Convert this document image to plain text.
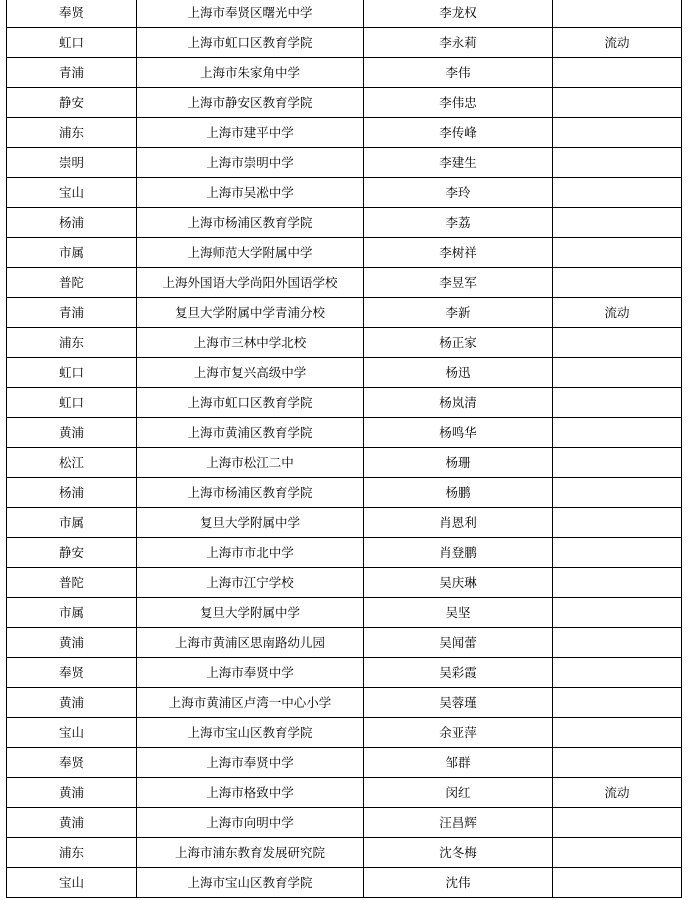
奉贤	上海市奉贤区曙光中学	李龙权	
虹口	上海市虹口区教育学院	李永莉	流动
青浦	上海市朱家角中学	李伟	
静安	上海市静安区教育学院	李伟忠	
浦东	上海市建平中学	李传峰	
崇明	上海市崇明中学	李建生	
宝山	上海市吴凇中学	李玲	
杨浦	上海市杨浦区教育学院	李荔	
市属	上海师范大学附属中学	李树祥	
普陀	上海外国语大学尚阳外国语学校	李昱军	
青浦	复旦大学附属中学青浦分校	李新	流动
浦东	上海市三林中学北校	杨正家	
虹口	上海市复兴高级中学	杨迅	
虹口	上海市虹口区教育学院	杨岚清	
黄浦	上海市黄浦区教育学院	杨鸣华	
松江	上海市松江二中	杨珊	
杨浦	上海市杨浦区教育学院	杨鹏	
市属	复旦大学附属中学	肖恩利	
静安	上海市市北中学	肖登鹏	
普陀	上海市江宁学校	吴庆琳	
市属	复旦大学附属中学	吴坚	
黄浦	上海市黄浦区思南路幼儿园	吴闻蕾	
奉贤	上海市奉贤中学	吴彩霞	
黄浦	上海市黄浦区卢湾一中心小学	吴蓉瑾	
宝山	上海市宝山区教育学院	余亚萍	
奉贤	上海市奉贤中学	邹群	
黄浦	上海市格致中学	闵红	流动
黄浦	上海市向明中学	汪昌辉	
浦东	上海市浦东教育发展研究院	沈冬梅	
宝山	上海市宝山区教育学院	沈伟	
